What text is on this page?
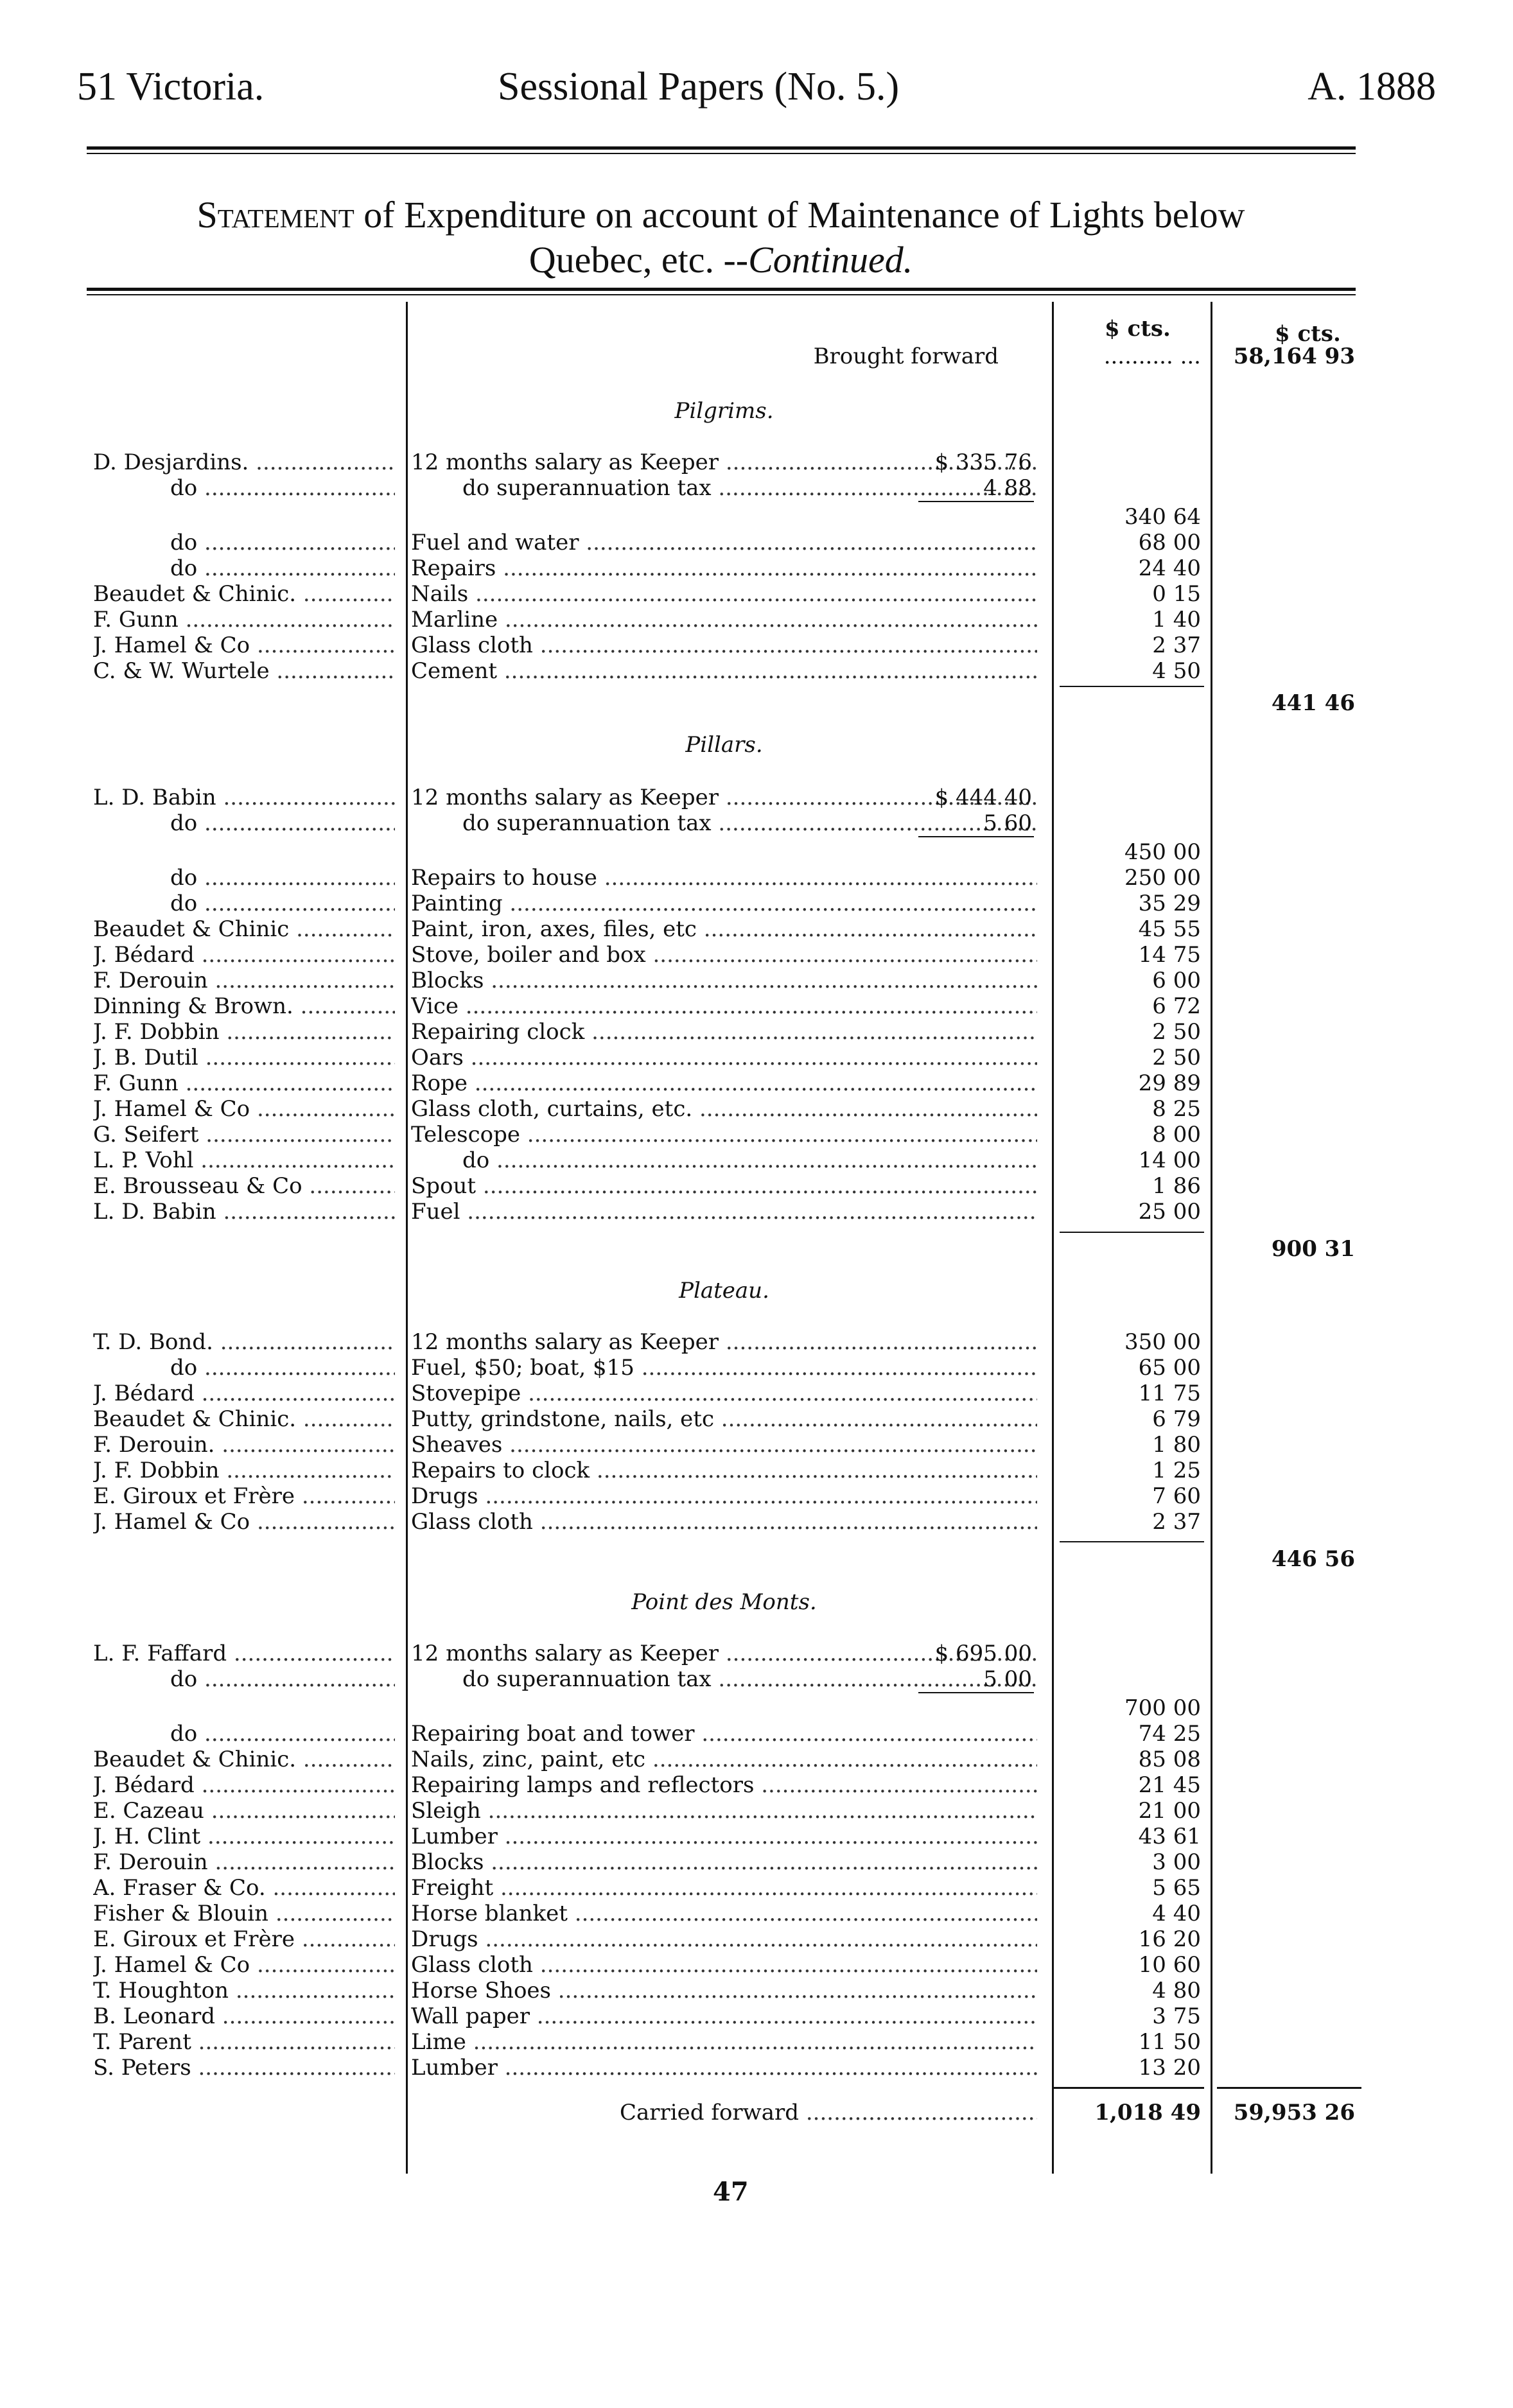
51 Victoria.	Sessional Papers (No. 5.)	A. 1888
Statement of Expenditure on account of Maintenance of Lights below
Quebec, etc. --Continued.
$ cts.	$ cts.
Brought forward	.......... ...	58,164 93
Pilgrims.
D. Desjardins. .....	12 months salary as Keeper .....	$ 335 76
do .....	do superannuation tax .....	4 88
340 64
do .....	Fuel and water .....	68 00
do .....	Repairs .....	24 40
Beaudet & Chinic. .....	Nails .....	0 15
F. Gunn .....	Marline .....	1 40
J. Hamel & Co .....	Glass cloth .....	2 37
C. & W. Wurtele .....	Cement .....	4 50
441 46
Pillars.
L. D. Babin .....	12 months salary as Keeper .....	$ 444 40
do .....	do superannuation tax .....	5 60
450 00
do .....	Repairs to house .....	250 00
do .....	Painting .....	35 29
Beaudet & Chinic .....	Paint, iron, axes, files, etc .....	45 55
J. Bédard .....	Stove, boiler and box .....	14 75
F. Derouin .....	Blocks .....	6 00
Dinning & Brown. .....	Vice .....	6 72
J. F. Dobbin .....	Repairing clock .....	2 50
J. B. Dutil .....	Oars .....	2 50
F. Gunn .....	Rope .....	29 89
J. Hamel & Co .....	Glass cloth, curtains, etc. .....	8 25
G. Seifert .....	Telescope .....	8 00
L. P. Vohl .....	do .....	14 00
E. Brousseau & Co .....	Spout .....	1 86
L. D. Babin .....	Fuel .....	25 00
900 31
Plateau.
T. D. Bond. .....	12 months salary as Keeper .....	350 00
do .....	Fuel, $50; boat, $15 .....	65 00
J. Bédard .....	Stovepipe .....	11 75
Beaudet & Chinic. .....	Putty, grindstone, nails, etc .....	6 79
F. Derouin. .....	Sheaves .....	1 80
J. F. Dobbin .....	Repairs to clock .....	1 25
E. Giroux et Frère .....	Drugs .....	7 60
J. Hamel & Co .....	Glass cloth .....	2 37
446 56
Point des Monts.
L. F. Faffard .....	12 months salary as Keeper .....	$ 695 00
do .....	do superannuation tax .....	5 00
700 00
do .....	Repairing boat and tower .....	74 25
Beaudet & Chinic. .....	Nails, zinc, paint, etc .....	85 08
J. Bédard .....	Repairing lamps and reflectors .....	21 45
E. Cazeau .....	Sleigh .....	21 00
J. H. Clint .....	Lumber .....	43 61
F. Derouin .....	Blocks .....	3 00
A. Fraser & Co. .....	Freight .....	5 65
Fisher & Blouin .....	Horse blanket .....	4 40
E. Giroux et Frère .....	Drugs .....	16 20
J. Hamel & Co .....	Glass cloth .....	10 60
T. Houghton .....	Horse Shoes .....	4 80
B. Leonard .....	Wall paper .....	3 75
T. Parent .....	Lime .....	11 50
S. Peters .....	Lumber .....	13 20
Carried forward .....	1,018 49	59,953 26
47
